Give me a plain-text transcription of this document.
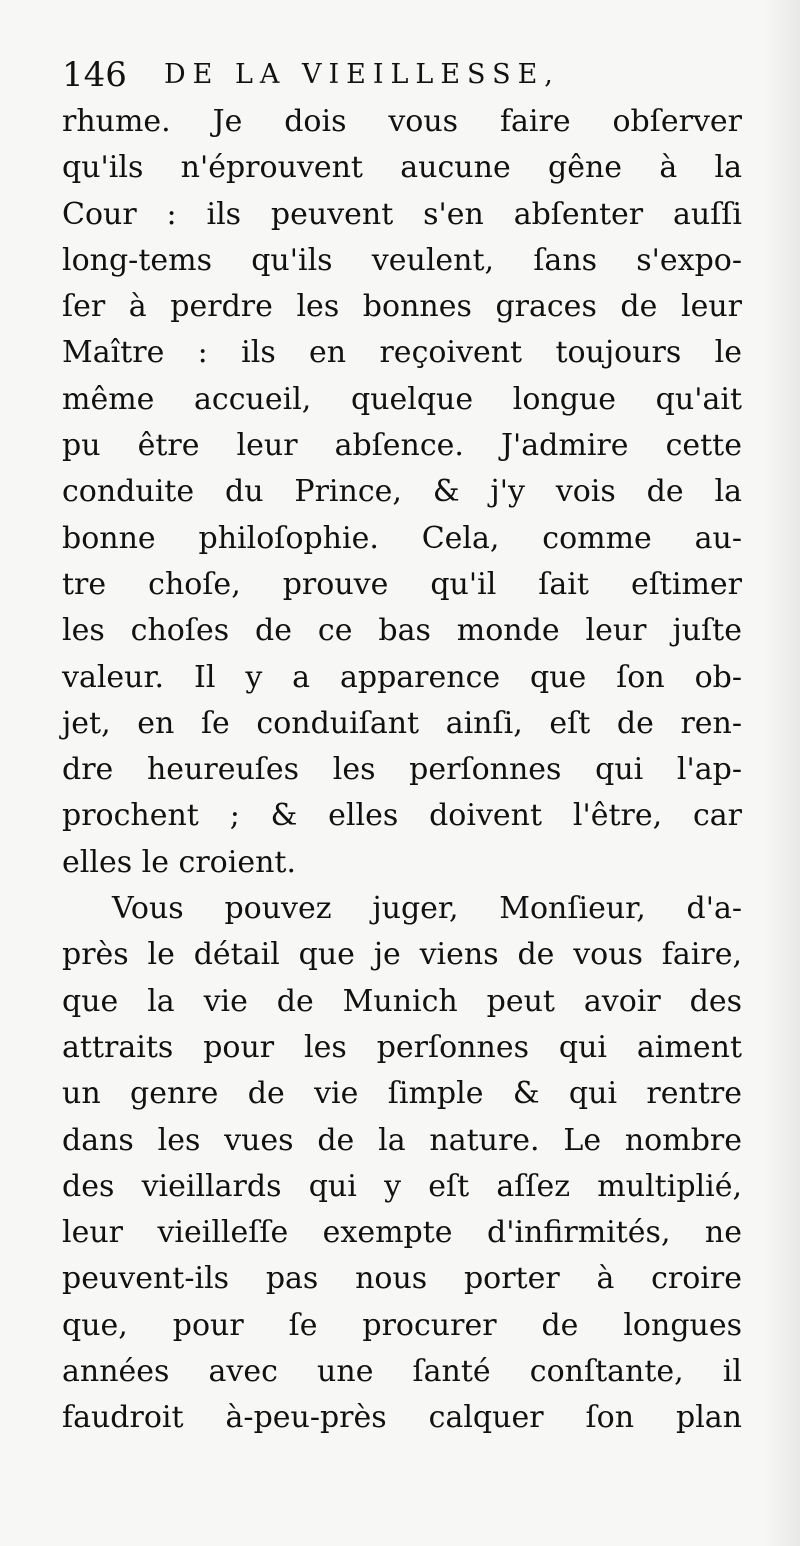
146 DE LA VIEILLESSE,
rhume. Je dois vous faire obſerver
qu'ils n'éprouvent aucune gêne à la
Cour : ils peuvent s'en abſenter auſſi
long-tems qu'ils veulent, ſans s'expo-
ſer à perdre les bonnes graces de leur
Maître : ils en reçoivent toujours le
même accueil, quelque longue qu'ait
pu être leur abſence. J'admire cette
conduite du Prince, & j'y vois de la
bonne philoſophie. Cela, comme au-
tre choſe, prouve qu'il ſait eſtimer
les choſes de ce bas monde leur juſte
valeur. Il y a apparence que ſon ob-
jet, en ſe conduiſant ainſi, eſt de ren-
dre heureuſes les perſonnes qui l'ap-
prochent ; & elles doivent l'être, car
elles le croient.
Vous pouvez juger, Monſieur, d'a-
près le détail que je viens de vous faire,
que la vie de Munich peut avoir des
attraits pour les perſonnes qui aiment
un genre de vie ſimple & qui rentre
dans les vues de la nature. Le nombre
des vieillards qui y eſt aſſez multiplié,
leur vieilleſſe exempte d'infirmités, ne
peuvent-ils pas nous porter à croire
que, pour ſe procurer de longues
années avec une ſanté conſtante, il
faudroit à-peu-près calquer ſon plan
